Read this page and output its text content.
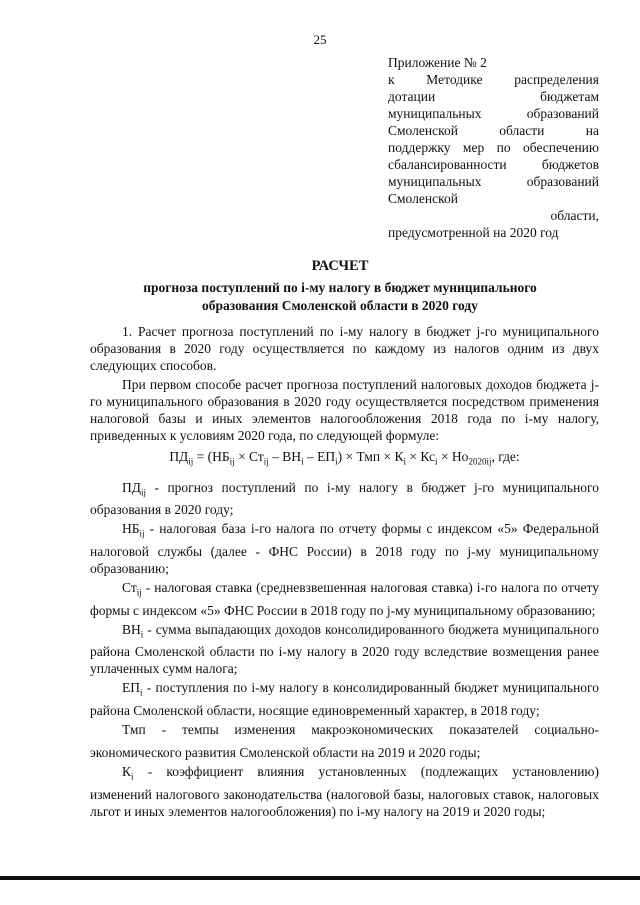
25
Приложение № 2
к Методике распределения
дотации бюджетам
муниципальных образований
Смоленской области на
поддержку мер по обеспечению
сбалансированности бюджетов
муниципальных образований
Смоленской
области,
предусмотренной на 2020 год
РАСЧЕТ
прогноза поступлений по i-му налогу в бюджет муниципального
образования Смоленской области в 2020 году

1. Расчет прогноза поступлений по i-му налогу в бюджет j-го муниципального образования в 2020 году осуществляется по каждому из налогов одним из двух следующих способов.

При первом способе расчет прогноза поступлений налоговых доходов бюджета j-го муниципального образования в 2020 году осуществляется посредством применения налоговой базы и иных элементов налогообложения 2018 года по i-му налогу, приведенных к условиям 2020 года, по следующей формуле:

$ПД_{ij} = (НБ_{ij} \times Ст_{ij} - ВН_i - ЕП_i)$ × Тмп × $К_i \times Кс_i \times Но_{2020ij}$, где:

$ПД_{ij}$ - прогноз поступлений по i-му налогу в бюджет j-го муниципального образования в 2020 году;

$НБ_{ij}$ - налоговая база i-го налога по отчету формы с индексом «5» Федеральной налоговой службы (далее - ФНС России) в 2018 году по j-му муниципальному образованию;

$Ст_{ij}$ - налоговая ставка (средневзвешенная налоговая ставка) i-го налога по отчету формы с индексом «5» ФНС России в 2018 году по j-му муниципальному образованию;

$ВН_i$ - сумма выпадающих доходов консолидированного бюджета муниципального района Смоленской области по i-му налогу в 2020 году вследствие возмещения ранее уплаченных сумм налога;

$ЕП_i$ - поступления по i-му налогу в консолидированный бюджет муниципального района Смоленской области, носящие единовременный характер, в 2018 году;

Тмп - темпы изменения макроэкономических показателей социально-экономического развития Смоленской области на 2019 и 2020 годы;

$К_i$ - коэффициент влияния установленных (подлежащих установлению) изменений налогового законодательства (налоговой базы, налоговых ставок, налоговых льгот и иных элементов налогообложения) по i-му налогу на 2019 и 2020 годы;
